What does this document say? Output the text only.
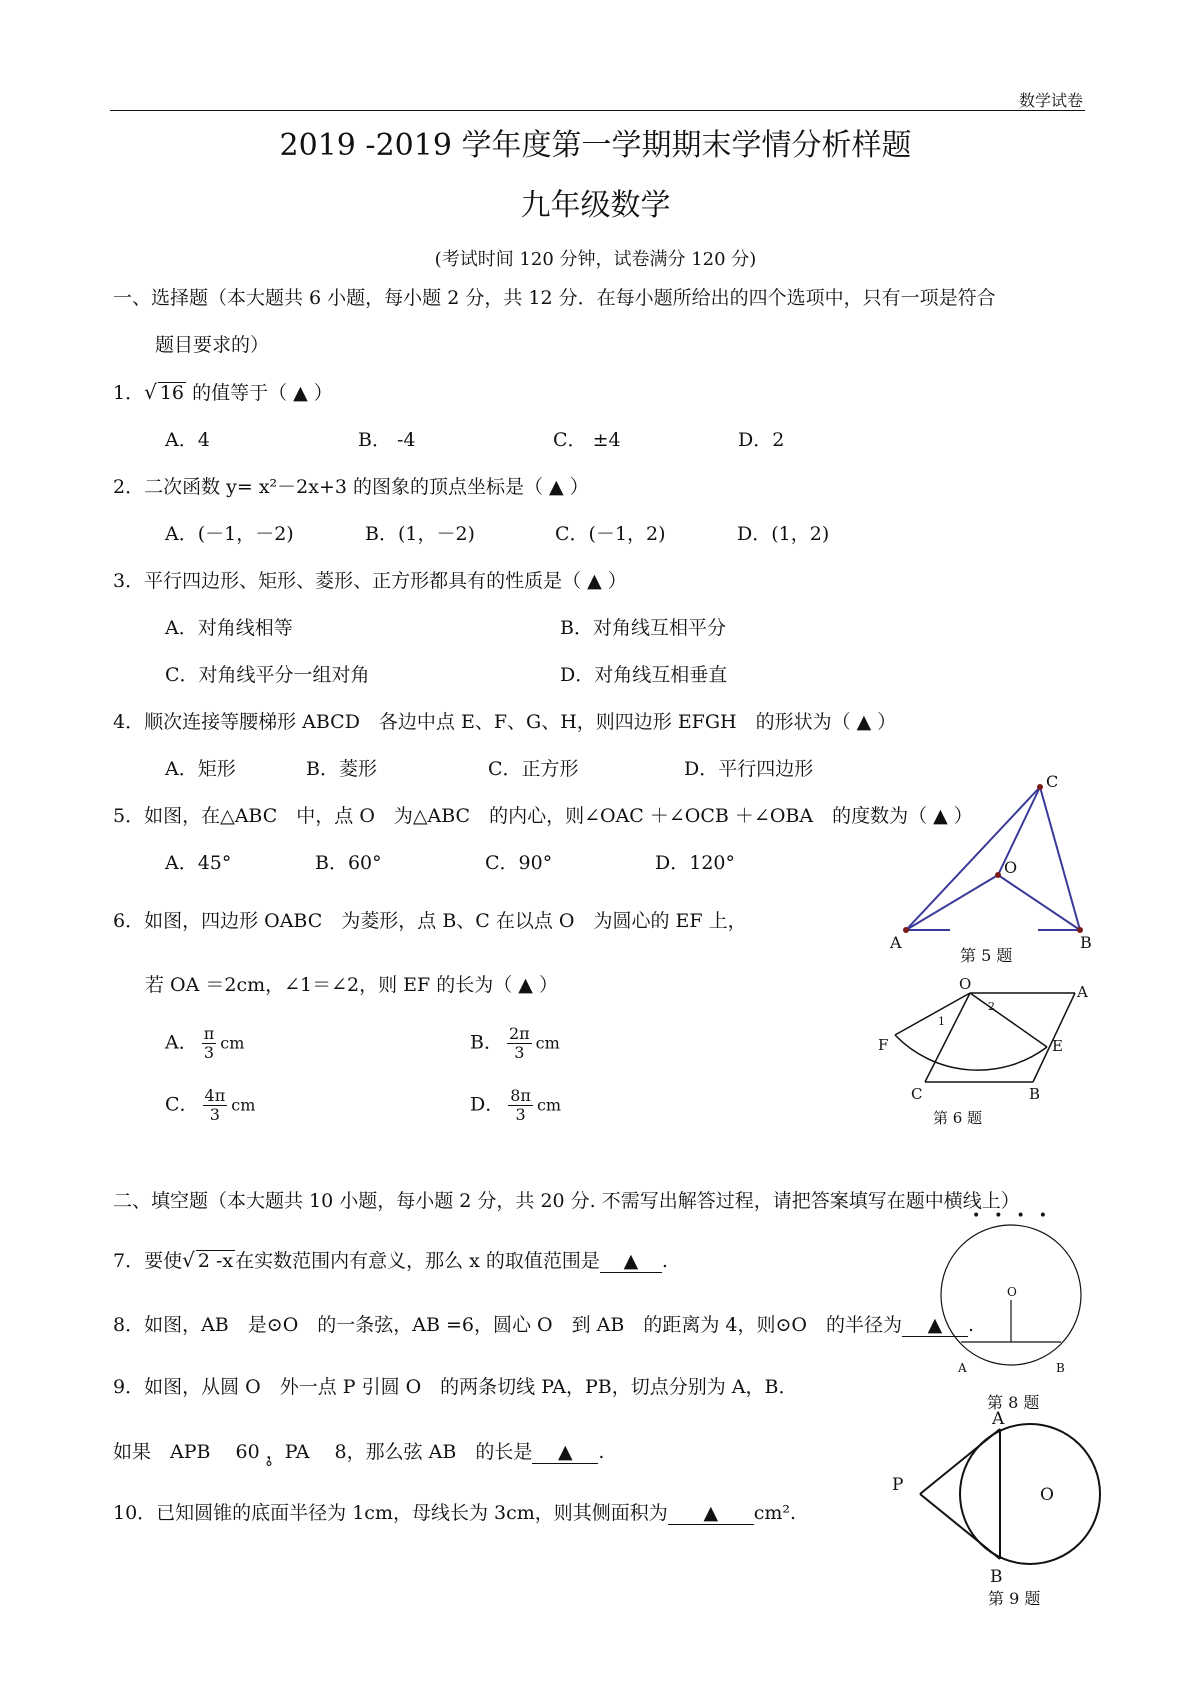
数学试卷
2019 -2019 学年度第一学期期末学情分析样题
九年级数学
(考试时间 120 分钟，试卷满分 120 分)
一、选择题（本大题共 6 小题，每小题 2 分，共 12 分．在每小题所给出的四个选项中，只有一项是符合
题目要求的）
1．√ 16 的值等于（ ▲ ）
A．4	B． -4	C． ±4	D．2
2．二次函数 y= x²－2x+3 的图象的顶点坐标是（ ▲ ）
A．(－1，－2)	B．(1，－2)	C．(－1，2)	D．(1，2)
3．平行四边形、矩形、菱形、正方形都具有的性质是（ ▲ ）
A．对角线相等	B．对角线互相平分
C．对角线平分一组对角	D．对角线互相垂直
4．顺次连接等腰梯形 ABCD　各边中点 E、F、G、H，则四边形 EFGH　的形状为（ ▲ ）
A．矩形	B．菱形	C．正方形	D．平行四边形
5．如图，在△ABC　中，点 O　为△ABC　的内心，则∠OAC ＋∠OCB ＋∠OBA　的度数为（ ▲ ）
A．45°	B．60°	C．90°	D．120°
6．如图，四边形 OABC　为菱形，点 B、C 在以点 O　为圆心的 EF 上，
若 OA ＝2cm，∠1＝∠2，则 EF 的长为（ ▲ ）
A． $\frac{\pi}{3}$ cm	B． $\frac{2\pi}{3}$ cm
C． $\frac{4\pi}{3}$ cm	D． $\frac{8\pi}{3}$ cm
二、填空题（本大题共 10 小题，每小题 2 分，共 20 分. 不需写出解答过程，请把答案填写在题中横线上）
••••
7．要使√ 2 -x 在实数范围内有意义，那么 x 的取值范围是 ▲ .
8．如图，AB　是⊙O　的一条弦，AB =6，圆心 O　到 AB　的距离为 4，则⊙O　的半径为 ▲ .
9．如图，从圆 O　外一点 P 引圆 O　的两条切线 PA，PB，切点分别为 A，B．
如果　APB　 60 ，PA　 8，那么弦 AB　的长是 ▲ .
°
10．已知圆锥的底面半径为 1cm，母线长为 3cm，则其侧面积为 ▲ cm².
A	B
C
O
第 5 题
O	A
E
F
C	B
1
2
第 6 题
O
A	B
第 8 题
A
B
P	O
第 9 题
